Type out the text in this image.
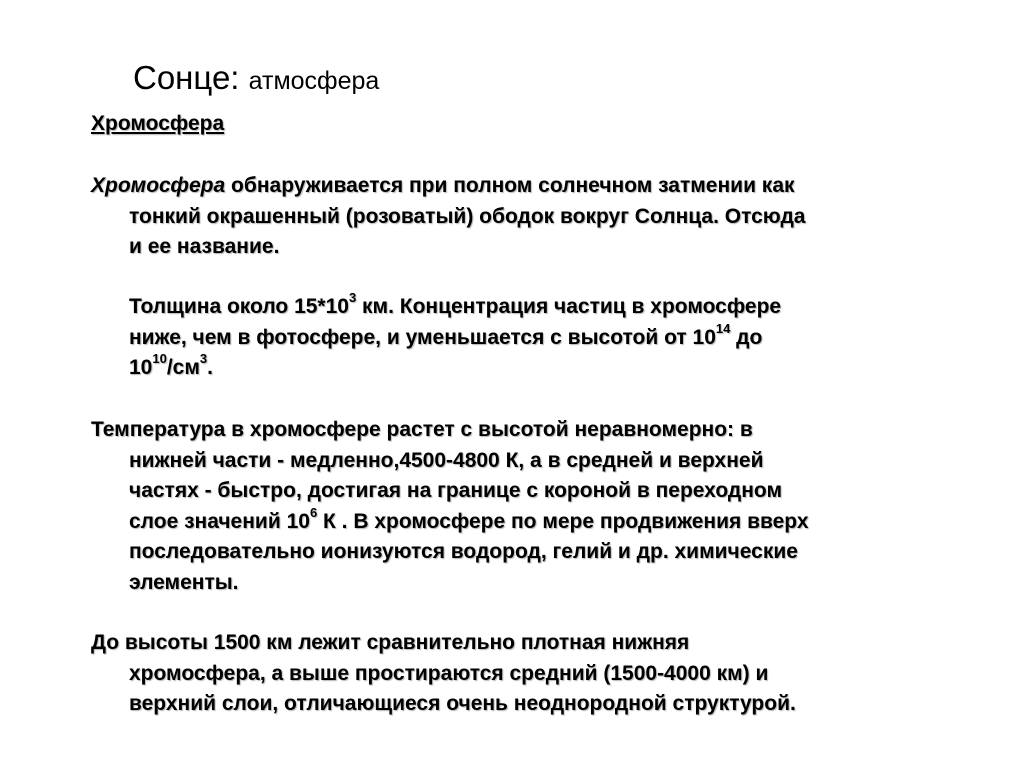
Сонце: атмосфера
Хромосфера
Хромосфера обнаруживается при полном солнечном затмении как
тонкий окрашенный (розоватый) ободок вокруг Солнца. Отсюда
и ее название.
Толщина около $15*10^3$ км. Концентрация частиц в хромосфере
ниже, чем в фотосфере, и уменьшается с высотой от $10^{14}$ до
$10^{10}/см^3$.
Температура в хромосфере растет с высотой неравномерно: в
нижней части - медленно,4500-4800 К, а в средней и верхней
частях - быстро, достигая на границе с короной в переходном
слое значений $10^6$ К . В хромосфере по мере продвижения вверх
последовательно ионизуются водород, гелий и др. химические
элементы.
До высоты 1500 км лежит сравнительно плотная нижняя
хромосфера, а выше простираются средний (1500-4000 км) и
верхний слои, отличающиеся очень неоднородной структурой.
